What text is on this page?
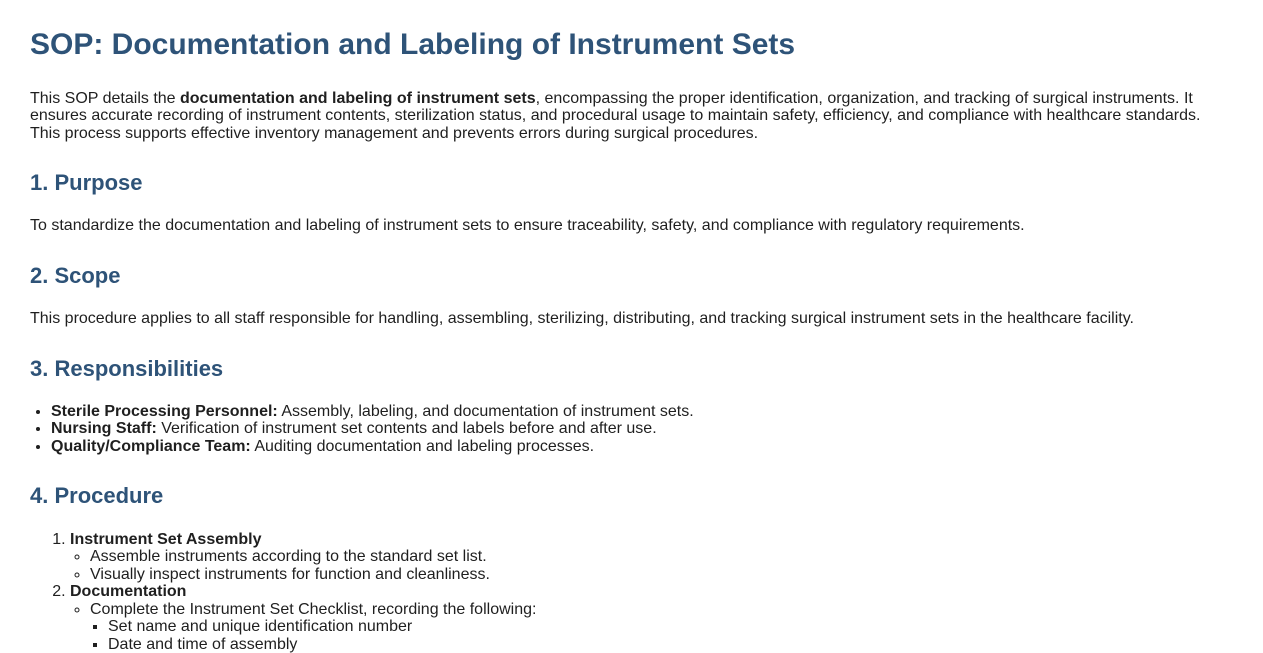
SOP: Documentation and Labeling of Instrument Sets

This SOP details the documentation and labeling of instrument sets, encompassing the proper identification, organization, and tracking of surgical instruments. It ensures accurate recording of instrument contents, sterilization status, and procedural usage to maintain safety, efficiency, and compliance with healthcare standards. This process supports effective inventory management and prevents errors during surgical procedures.

1. Purpose

To standardize the documentation and labeling of instrument sets to ensure traceability, safety, and compliance with regulatory requirements.

2. Scope

This procedure applies to all staff responsible for handling, assembling, sterilizing, distributing, and tracking surgical instrument sets in the healthcare facility.

3. Responsibilities
• Sterile Processing Personnel: Assembly, labeling, and documentation of instrument sets.
• Nursing Staff: Verification of instrument set contents and labels before and after use.
• Quality/Compliance Team: Auditing documentation and labeling processes.
4. Procedure
1. Instrument Set Assembly
◦ Assemble instruments according to the standard set list.
◦ Visually inspect instruments for function and cleanliness.
2. Documentation
◦ Complete the Instrument Set Checklist, recording the following:
▪ Set name and unique identification number
▪ Date and time of assembly
